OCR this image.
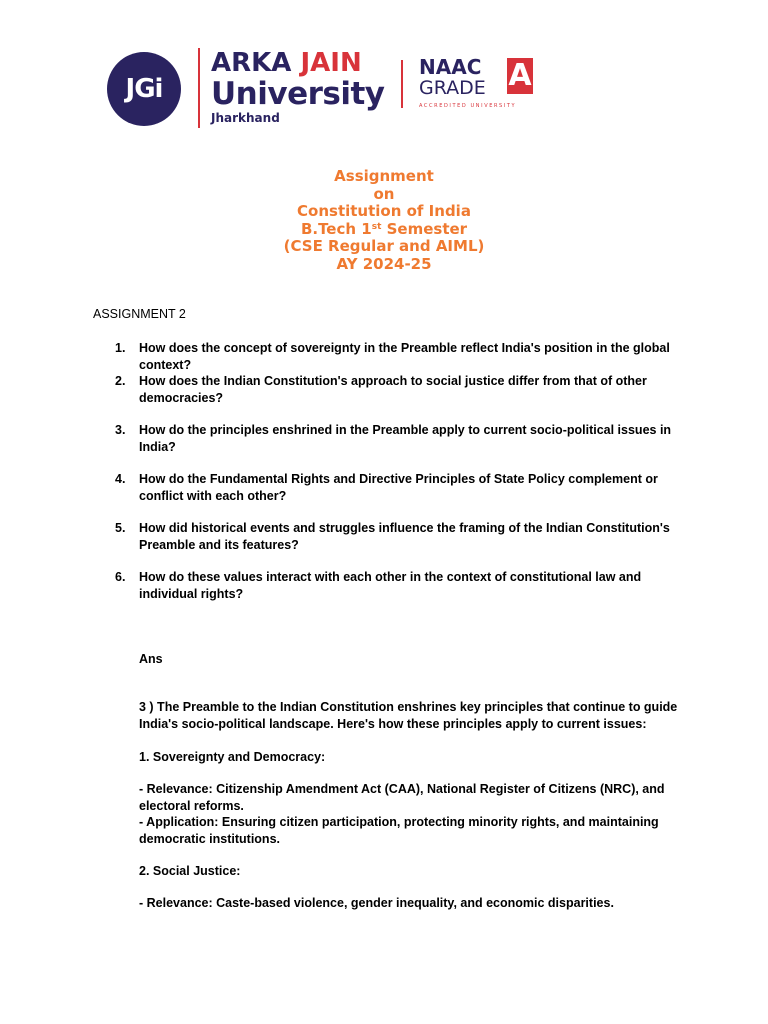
JGi
ARKA JAIN
University
Jharkhand
NAAC
GRADE
ACCREDITED UNIVERSITY
A
Assignment
on
Constitution of India
B.Tech 1st Semester
(CSE Regular and AIML)
AY 2024-25
ASSIGNMENT 2
1. How does the concept of sovereignty in the Preamble reflect India's position in the global context?
2. How does the Indian Constitution's approach to social justice differ from that of other democracies?
3. How do the principles enshrined in the Preamble apply to current socio-political issues in India?
4. How do the Fundamental Rights and Directive Principles of State Policy complement or conflict with each other?
5. How did historical events and struggles influence the framing of the Indian Constitution's Preamble and its features?
6. How do these values interact with each other in the context of constitutional law and individual rights?
Ans
3 ) The Preamble to the Indian Constitution enshrines key principles that continue to guide India's socio-political landscape. Here's how these principles apply to current issues:
1. Sovereignty and Democracy:
- Relevance: Citizenship Amendment Act (CAA), National Register of Citizens (NRC), and electoral reforms.
- Application: Ensuring citizen participation, protecting minority rights, and maintaining democratic institutions.
2. Social Justice:
- Relevance: Caste-based violence, gender inequality, and economic disparities.
